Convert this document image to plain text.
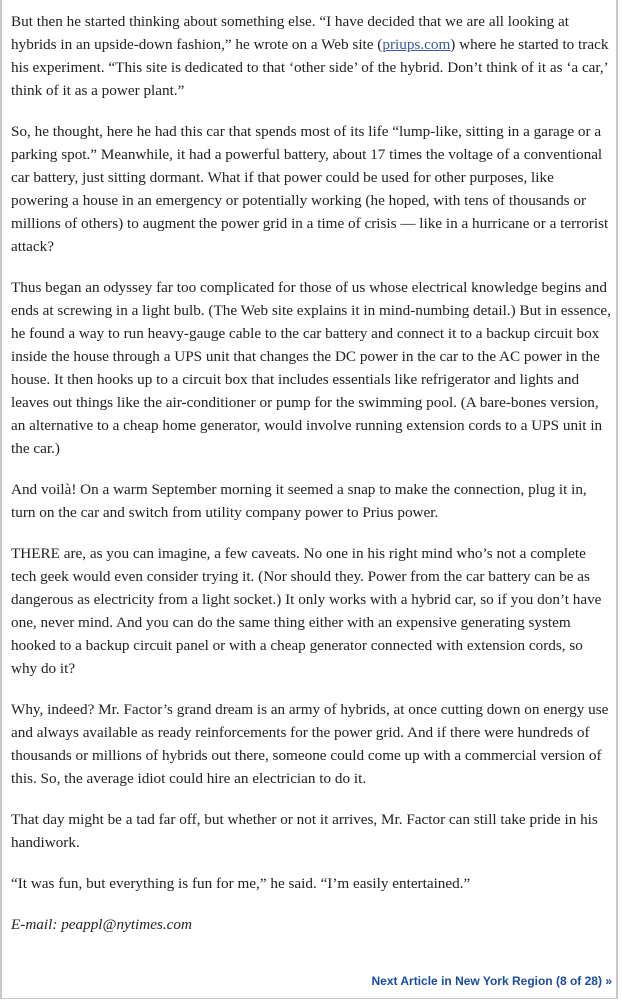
But then he started thinking about something else. “I have decided that we are all looking at hybrids in an upside-down fashion,” he wrote on a Web site (priups.com) where he started to track his experiment. “This site is dedicated to that ‘other side’ of the hybrid. Don’t think of it as ‘a car,’ think of it as a power plant.”

So, he thought, here he had this car that spends most of its life “lump-like, sitting in a garage or a parking spot.” Meanwhile, it had a powerful battery, about 17 times the voltage of a conventional car battery, just sitting dormant. What if that power could be used for other purposes, like powering a house in an emergency or potentially working (he hoped, with tens of thousands or millions of others) to augment the power grid in a time of crisis — like in a hurricane or a terrorist attack?

Thus began an odyssey far too complicated for those of us whose electrical knowledge begins and ends at screwing in a light bulb. (The Web site explains it in mind-numbing detail.) But in essence, he found a way to run heavy-gauge cable to the car battery and connect it to a backup circuit box inside the house through a UPS unit that changes the DC power in the car to the AC power in the house. It then hooks up to a circuit box that includes essentials like refrigerator and lights and leaves out things like the air-conditioner or pump for the swimming pool. (A bare-bones version, an alternative to a cheap home generator, would involve running extension cords to a UPS unit in the car.)

And voilà! On a warm September morning it seemed a snap to make the connection, plug it in, turn on the car and switch from utility company power to Prius power.

THERE are, as you can imagine, a few caveats. No one in his right mind who’s not a complete tech geek would even consider trying it. (Nor should they. Power from the car battery can be as dangerous as electricity from a light socket.) It only works with a hybrid car, so if you don’t have one, never mind. And you can do the same thing either with an expensive generating system hooked to a backup circuit panel or with a cheap generator connected with extension cords, so why do it?

Why, indeed? Mr. Factor’s grand dream is an army of hybrids, at once cutting down on energy use and always available as ready reinforcements for the power grid. And if there were hundreds of thousands or millions of hybrids out there, someone could come up with a commercial version of this. So, the average idiot could hire an electrician to do it.

That day might be a tad far off, but whether or not it arrives, Mr. Factor can still take pride in his handiwork.

“It was fun, but everything is fun for me,” he said. “I’m easily entertained.”

E-mail: peappl@nytimes.com

Next Article in New York Region (8 of 28) »
